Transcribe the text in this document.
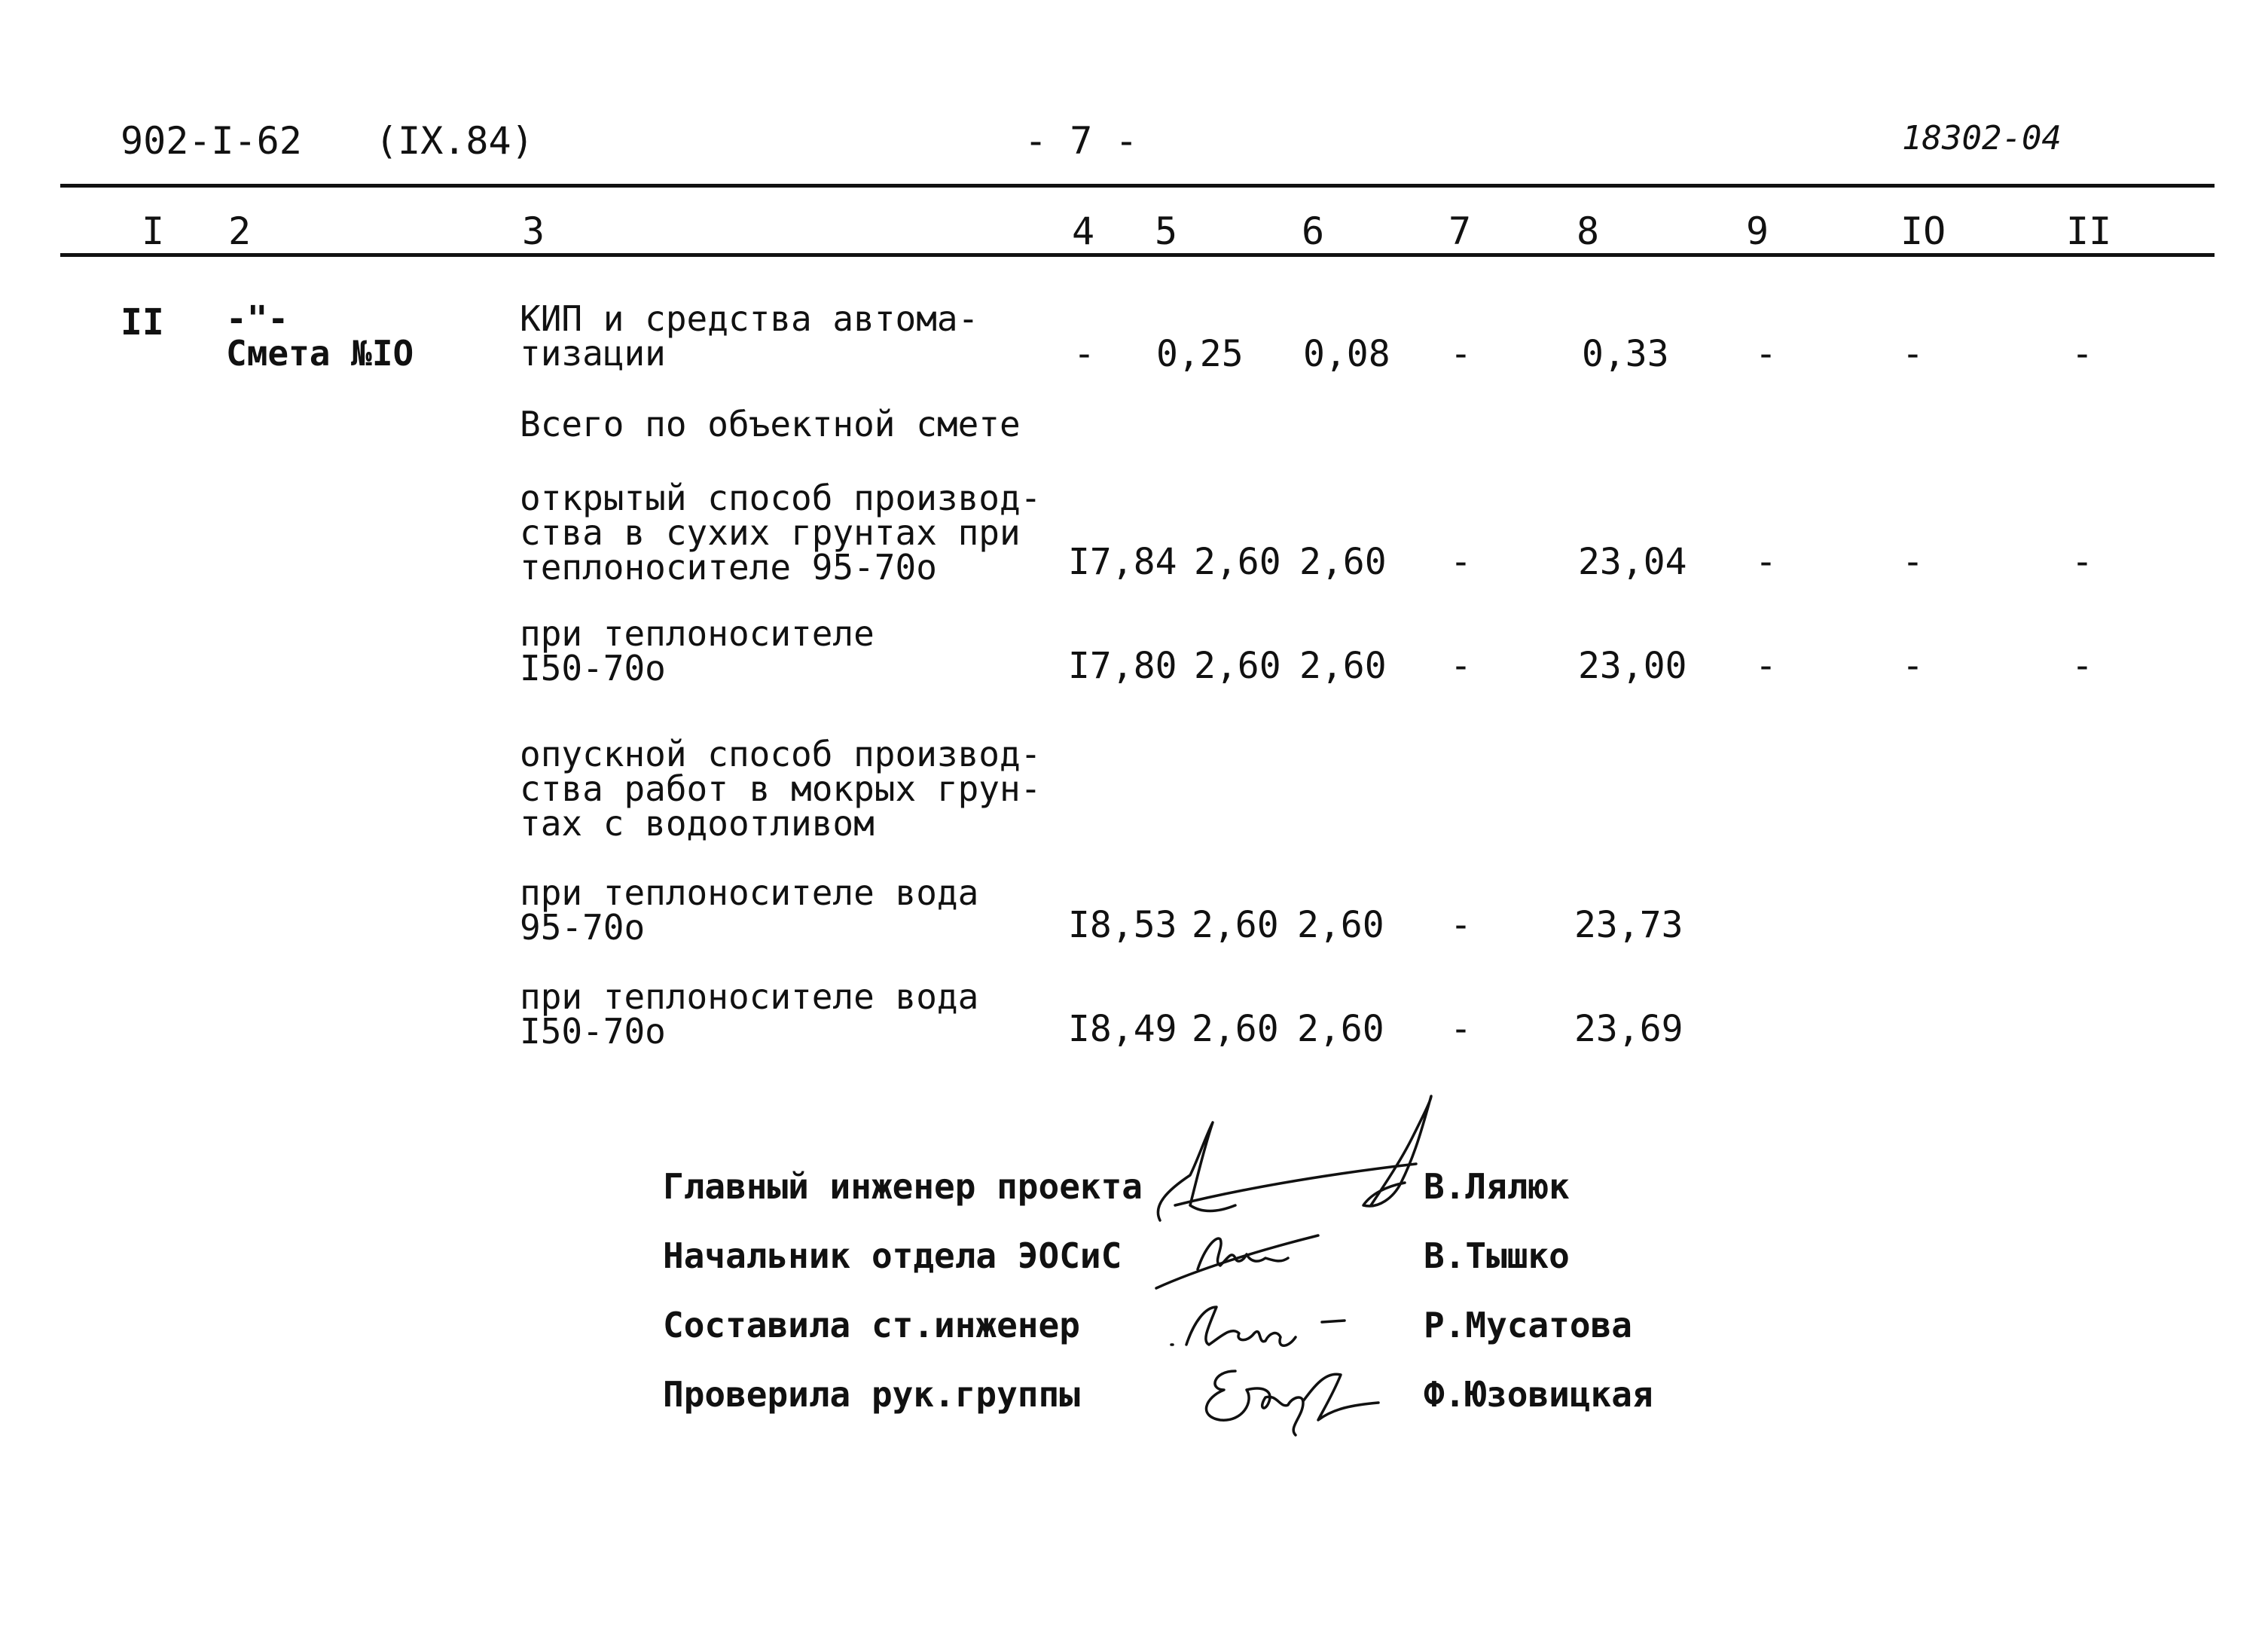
902-I-62 (IX.84)	- 7 -	18302-04
I 2	3	4 5	6	7	8	9	IO	II
II -"-
Смета №IO
КИП и средства автома-
тизации	- 0,25 0,08 -	0,33 -	-	-
Всего по объектной смете
открытый способ производ-
ства в сухих грунтах при
теплоносителе 95-70о	I7,84 2,60 2,60 -	23,04 -	-	-
при теплоносителе
I50-70о	I7,80 2,60 2,60 -	23,00 -	-	-
опускной способ производ-
ства работ в мокрых грун-
тах с водоотливом
при теплоносителе вода
95-70о	I8,53 2,60 2,60 -	23,73
при теплоносителе вода
I50-70о	I8,49 2,60 2,60 -	23,69
Главный инженер проекта	В.Лялюк
Начальник отдела ЭОСиС	В.Тышко
Составила ст.инженер	Р.Мусатова
Проверила рук.группы	Ф.Юзовицкая
